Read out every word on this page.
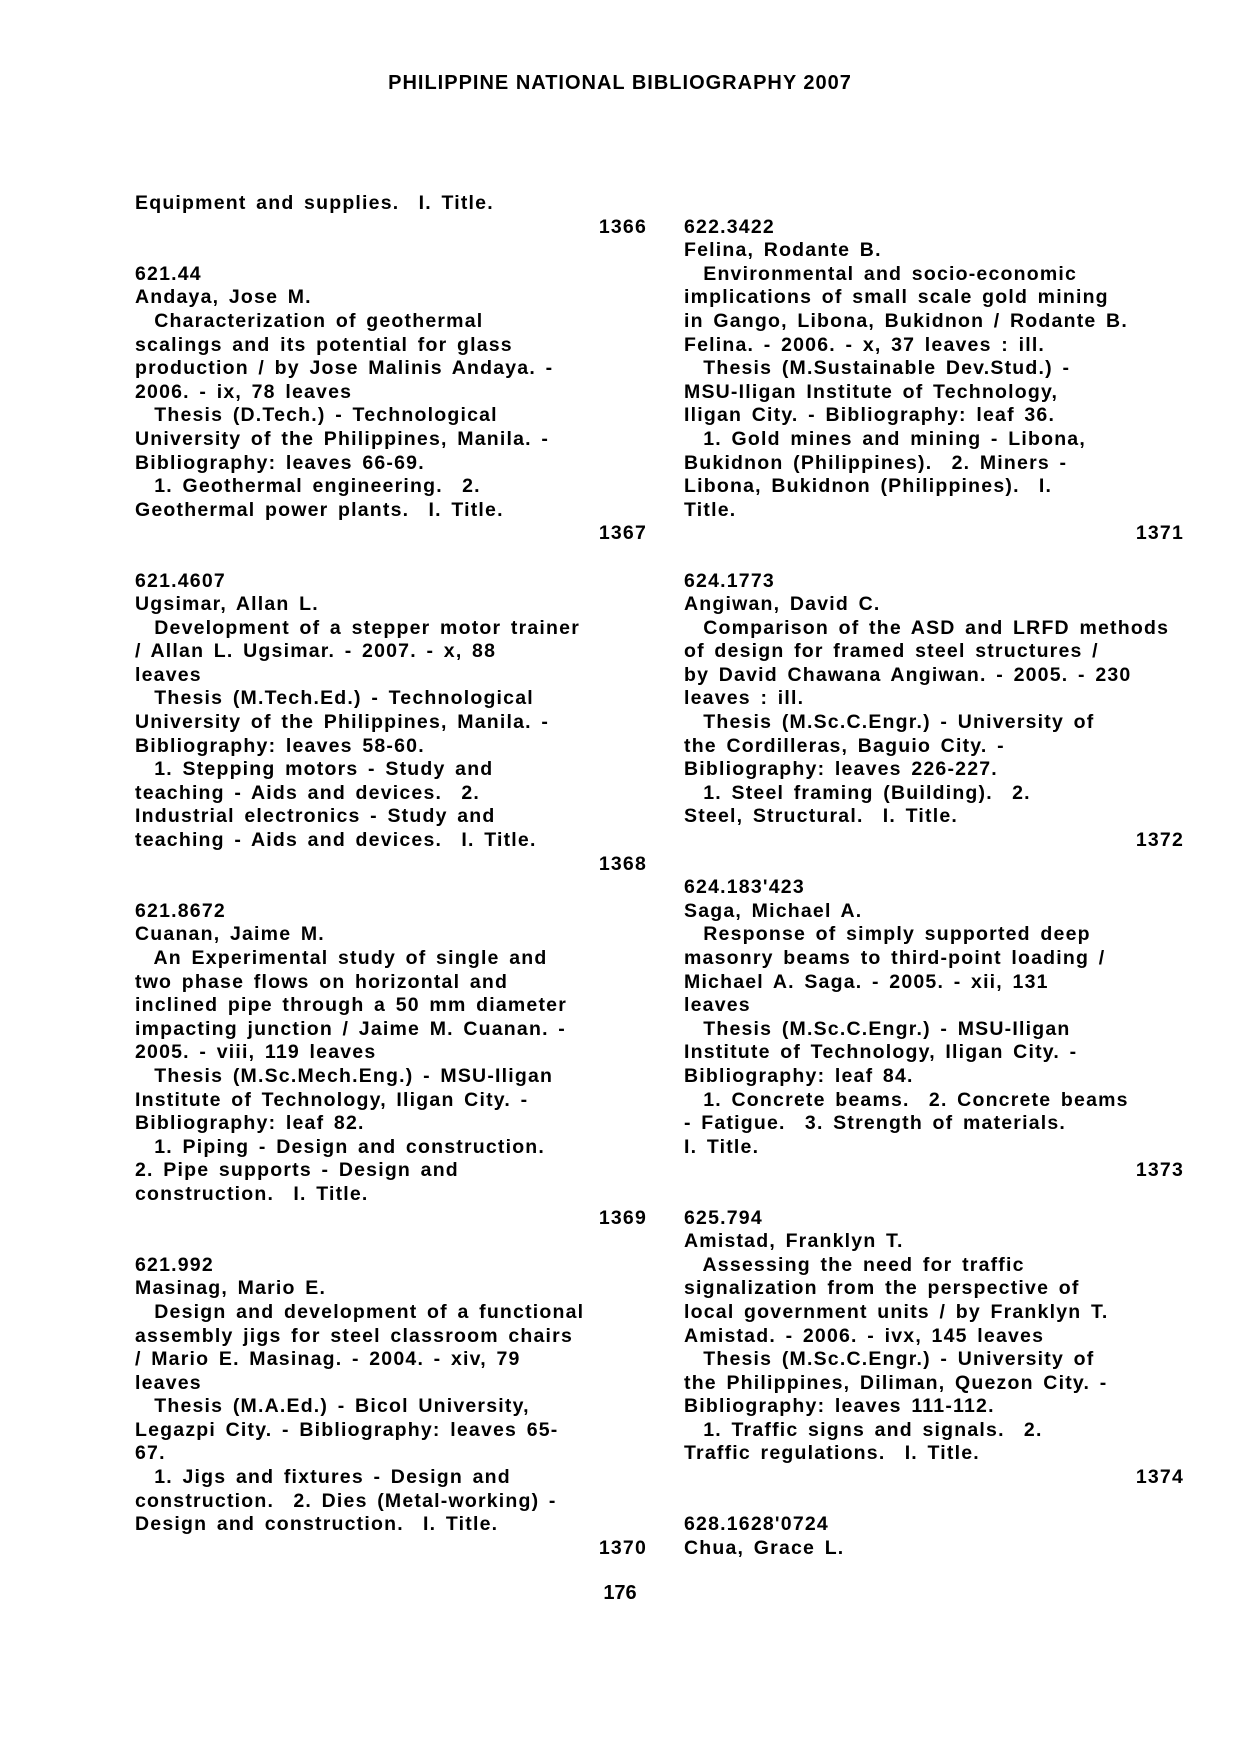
PHILIPPINE NATIONAL BIBLIOGRAPHY 2007
Equipment and supplies.  I. Title.
1366
621.44
Andaya, Jose M.
Characterization of geothermal
scalings and its potential for glass
production / by Jose Malinis Andaya. -
2006. - ix, 78 leaves
Thesis (D.Tech.) - Technological
University of the Philippines, Manila. -
Bibliography: leaves 66-69.
1. Geothermal engineering.  2.
Geothermal power plants.  I. Title.
1367
621.4607
Ugsimar, Allan L.
Development of a stepper motor trainer
/ Allan L. Ugsimar. - 2007. - x, 88
leaves
Thesis (M.Tech.Ed.) - Technological
University of the Philippines, Manila. -
Bibliography: leaves 58-60.
1. Stepping motors - Study and
teaching - Aids and devices.  2.
Industrial electronics - Study and
teaching - Aids and devices.  I. Title.
1368
621.8672
Cuanan, Jaime M.
An Experimental study of single and
two phase flows on horizontal and
inclined pipe through a 50 mm diameter
impacting junction / Jaime M. Cuanan. -
2005. - viii, 119 leaves
Thesis (M.Sc.Mech.Eng.) - MSU-Iligan
Institute of Technology, Iligan City. -
Bibliography: leaf 82.
1. Piping - Design and construction.
2. Pipe supports - Design and
construction.  I. Title.
1369
621.992
Masinag, Mario E.
Design and development of a functional
assembly jigs for steel classroom chairs
/ Mario E. Masinag. - 2004. - xiv, 79
leaves
Thesis (M.A.Ed.) - Bicol University,
Legazpi City. - Bibliography: leaves 65-
67.
1. Jigs and fixtures - Design and
construction.  2. Dies (Metal-working) -
Design and construction.  I. Title.
1370
622.3422
Felina, Rodante B.
Environmental and socio-economic
implications of small scale gold mining
in Gango, Libona, Bukidnon / Rodante B.
Felina. - 2006. - x, 37 leaves : ill.
Thesis (M.Sustainable Dev.Stud.) -
MSU-Iligan Institute of Technology,
Iligan City. - Bibliography: leaf 36.
1. Gold mines and mining - Libona,
Bukidnon (Philippines).  2. Miners -
Libona, Bukidnon (Philippines).  I.
Title.
1371
624.1773
Angiwan, David C.
Comparison of the ASD and LRFD methods
of design for framed steel structures /
by David Chawana Angiwan. - 2005. - 230
leaves : ill.
Thesis (M.Sc.C.Engr.) - University of
the Cordilleras, Baguio City. -
Bibliography: leaves 226-227.
1. Steel framing (Building).  2.
Steel, Structural.  I. Title.
1372
624.183'423
Saga, Michael A.
Response of simply supported deep
masonry beams to third-point loading /
Michael A. Saga. - 2005. - xii, 131
leaves
Thesis (M.Sc.C.Engr.) - MSU-Iligan
Institute of Technology, Iligan City. -
Bibliography: leaf 84.
1. Concrete beams.  2. Concrete beams
- Fatigue.  3. Strength of materials.
I. Title.
1373
625.794
Amistad, Franklyn T.
Assessing the need for traffic
signalization from the perspective of
local government units / by Franklyn T.
Amistad. - 2006. - ivx, 145 leaves
Thesis (M.Sc.C.Engr.) - University of
the Philippines, Diliman, Quezon City. -
Bibliography: leaves 111-112.
1. Traffic signs and signals.  2.
Traffic regulations.  I. Title.
1374
628.1628'0724
Chua, Grace L.
176
